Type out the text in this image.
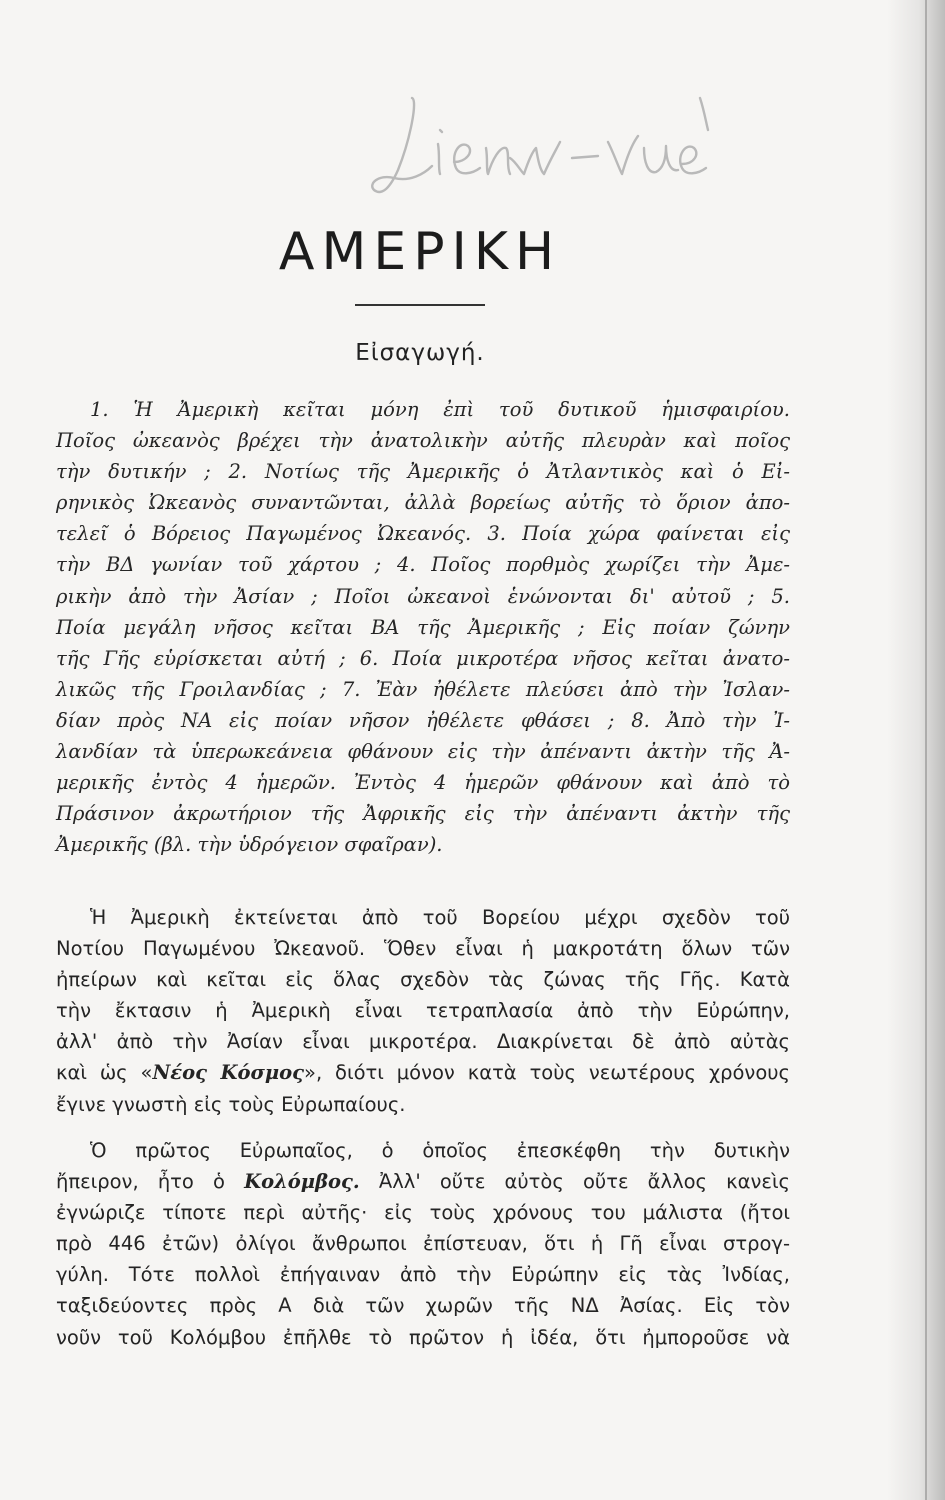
ΑΜΕΡΙΚΗ
Εἰσαγωγή.
1. Ἡ Ἀμερικὴ κεῖται μόνη ἐπὶ τοῦ δυτικοῦ ἡμισφαιρίου.
Ποῖος ὠκεανὸς βρέχει τὴν ἀνατολικὴν αὐτῆς πλευρὰν καὶ ποῖος
τὴν δυτικήν ; 2. Νοτίως τῆς Ἀμερικῆς ὁ Ἀτλαντικὸς καὶ ὁ Εἰ-
ρηνικὸς Ὠκεανὸς συναντῶνται, ἀλλὰ βορείως αὐτῆς τὸ ὅριον ἀπο-
τελεῖ ὁ Βόρειος Παγωμένος Ὠκεανός. 3. Ποία χώρα φαίνεται εἰς
τὴν ΒΔ γωνίαν τοῦ χάρτου ; 4. Ποῖος πορθμὸς χωρίζει τὴν Ἀμε-
ρικὴν ἀπὸ τὴν Ἀσίαν ; Ποῖοι ὠκεανοὶ ἑνώνονται δι' αὐτοῦ ; 5.
Ποία μεγάλη νῆσος κεῖται ΒΑ τῆς Ἀμερικῆς ; Εἰς ποίαν ζώνην
τῆς Γῆς εὑρίσκεται αὐτή ; 6. Ποία μικροτέρα νῆσος κεῖται ἀνατο-
λικῶς τῆς Γροιλανδίας ; 7. Ἐὰν ἠθέλετε πλεύσει ἀπὸ τὴν Ἰσλαν-
δίαν πρὸς ΝΑ εἰς ποίαν νῆσον ἠθέλετε φθάσει ; 8. Ἀπὸ τὴν Ἰ-
λανδίαν τὰ ὑπερωκεάνεια φθάνουν εἰς τὴν ἀπέναντι ἀκτὴν τῆς Ἀ-
μερικῆς ἐντὸς 4 ἡμερῶν. Ἐντὸς 4 ἡμερῶν φθάνουν καὶ ἀπὸ τὸ
Πράσινον ἀκρωτήριον τῆς Ἀφρικῆς εἰς τὴν ἀπέναντι ἀκτὴν τῆς
Ἀμερικῆς (βλ. τὴν ὑδρόγειον σφαῖραν).
Ἡ Ἀμερικὴ ἐκτείνεται ἀπὸ τοῦ Βορείου μέχρι σχεδὸν τοῦ
Νοτίου Παγωμένου Ὠκεανοῦ. Ὅθεν εἶναι ἡ μακροτάτη ὅλων τῶν
ἠπείρων καὶ κεῖται εἰς ὅλας σχεδὸν τὰς ζώνας τῆς Γῆς. Κατὰ
τὴν ἔκτασιν ἡ Ἀμερικὴ εἶναι τετραπλασία ἀπὸ τὴν Εὐρώπην,
ἀλλ' ἀπὸ τὴν Ἀσίαν εἶναι μικροτέρα. Διακρίνεται δὲ ἀπὸ αὐτὰς
καὶ ὡς «Νέος Κόσμος», διότι μόνον κατὰ τοὺς νεωτέρους χρόνους
ἔγινε γνωστὴ εἰς τοὺς Εὐρωπαίους.
Ὁ πρῶτος Εὐρωπαῖος, ὁ ὁποῖος ἐπεσκέφθη τὴν δυτικὴν
ἤπειρον, ἦτο ὁ Κολόμβος. Ἀλλ' οὔτε αὐτὸς οὔτε ἄλλος κανεὶς
ἐγνώριζε τίποτε περὶ αὐτῆς· εἰς τοὺς χρόνους του μάλιστα (ἤτοι
πρὸ 446 ἐτῶν) ὀλίγοι ἄνθρωποι ἐπίστευαν, ὅτι ἡ Γῆ εἶναι στρογ-
γύλη. Τότε πολλοὶ ἐπήγαιναν ἀπὸ τὴν Εὐρώπην εἰς τὰς Ἰνδίας,
ταξιδεύοντες πρὸς Α διὰ τῶν χωρῶν τῆς ΝΔ Ἀσίας. Εἰς τὸν
νοῦν τοῦ Κολόμβου ἐπῆλθε τὸ πρῶτον ἡ ἰδέα, ὅτι ἠμποροῦσε νὰ
